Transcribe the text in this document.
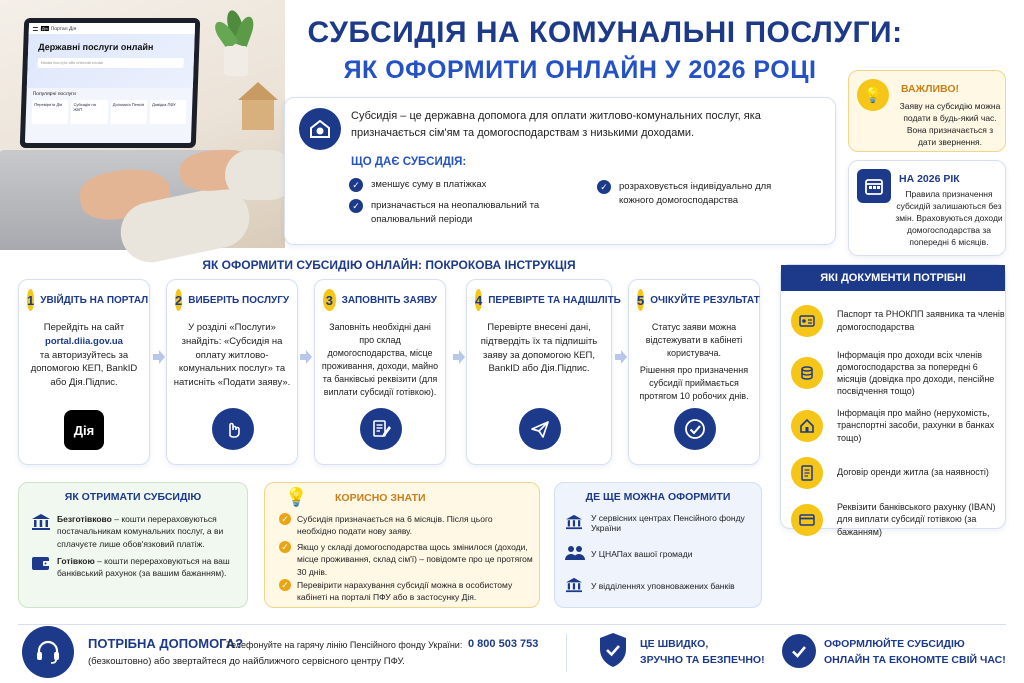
Дія Портал Дія
Державні послуги онлайн
Назва послуги або ключові слова
Популярні послуги
Перевірити Дія	Субсидія на ЖКП
Допомога Пенсія	Довідка ПФУ
СУБСИДІЯ НА КОМУНАЛЬНІ ПОСЛУГИ:
ЯК ОФОРМИТИ ОНЛАЙН У 2026 РОЦІ
Субсидія – це державна допомога для оплати житлово-комунальних послуг, яка призначається сім'ям та домогосподарствам з низькими доходами.
ЩО ДАЄ СУБСИДІЯ:
✓	зменшує суму в платіжках
✓	призначається на неопалювальний та опалювальний періоди
✓	розраховується індивідуально для кожного домогосподарства
💡	ВАЖЛИВО!
Заяву на субсидію можна подати в будь-який час. Вона призначається з дати звернення.
НА 2026 РІК
Правила призначення субсидій залишаються без змін. Враховуються доходи домогосподарства за попередні 6 місяців.
ЯК ОФОРМИТИ СУБСИДІЮ ОНЛАЙН: ПОКРОКОВА ІНСТРУКЦІЯ
1 УВІЙДІТЬ НА ПОРТАЛ
Перейдіть на сайт
portal.diia.gov.ua
та авторизуйтесь за допомогою КЕП, BankID або Дія.Підпис.
Дія
2 ВИБЕРІТЬ ПОСЛУГУ
У розділі «Послуги» знайдіть: «Субсидія на оплату житлово-комунальних послуг» та натисніть «Подати заяву».
3 ЗАПОВНІТЬ ЗАЯВУ
Заповніть необхідні дані про склад домогосподарства, місце проживання, доходи, майно та банківські реквізити (для виплати субсидії готівкою).
4 ПЕРЕВІРТЕ ТА НАДІШЛІТЬ
Перевірте внесені дані, підтвердіть їх та підпишіть заяву за допомогою КЕП, BankID або Дія.Підпис.
5 ОЧІКУЙТЕ РЕЗУЛЬТАТ
Статус заяви можна відстежувати в кабінеті користувача.
Рішення про призначення субсидії приймається протягом 10 робочих днів.
ЯКІ ДОКУМЕНТИ ПОТРІБНІ
Паспорт та РНОКПП заявника та членів домогосподарства
Інформація про доходи всіх членів домогосподарства за попередні 6 місяців (довідка про доходи, пенсійне посвідчення тощо)
Інформація про майно (нерухомість, транспортні засоби, рахунки в банках тощо)
Договір оренди житла (за наявності)
Реквізити банківського рахунку (IBAN) для виплати субсидії готівкою (за бажанням)
ЯК ОТРИМАТИ СУБСИДІЮ
Безготівково – кошти перераховуються постачальникам комунальних послуг, а ви сплачуєте лише обов'язковий платіж.
Готівкою – кошти перераховуються на ваш банківський рахунок (за вашим бажанням).
💡	КОРИСНО ЗНАТИ
✓ Субсидія призначається на 6 місяців. Після цього необхідно подати нову заяву.
✓ Якщо у складі домогосподарства щось змінилося (доходи, місце проживання, склад сім'ї) – повідомте про це протягом 30 днів.
✓ Перевірити нарахування субсидії можна в особистому кабінеті на порталі ПФУ або в застосунку Дія.
ДЕ ЩЕ МОЖНА ОФОРМИТИ
У сервісних центрах Пенсійного фонду України
У ЦНАПах вашої громади
У відділеннях уповноважених банків
ПОТРІБНА ДОПОМОГА?
Телефонуйте на гарячу лінію Пенсійного фонду України: 0 800 503 753
(безкоштовно) або звертайтеся до найближчого сервісного центру ПФУ.
ЦЕ ШВИДКО,
ЗРУЧНО ТА БЕЗПЕЧНО!
ОФОРМЛЮЙТЕ СУБСИДІЮ
ОНЛАЙН ТА ЕКОНОМТЕ СВІЙ ЧАС!
